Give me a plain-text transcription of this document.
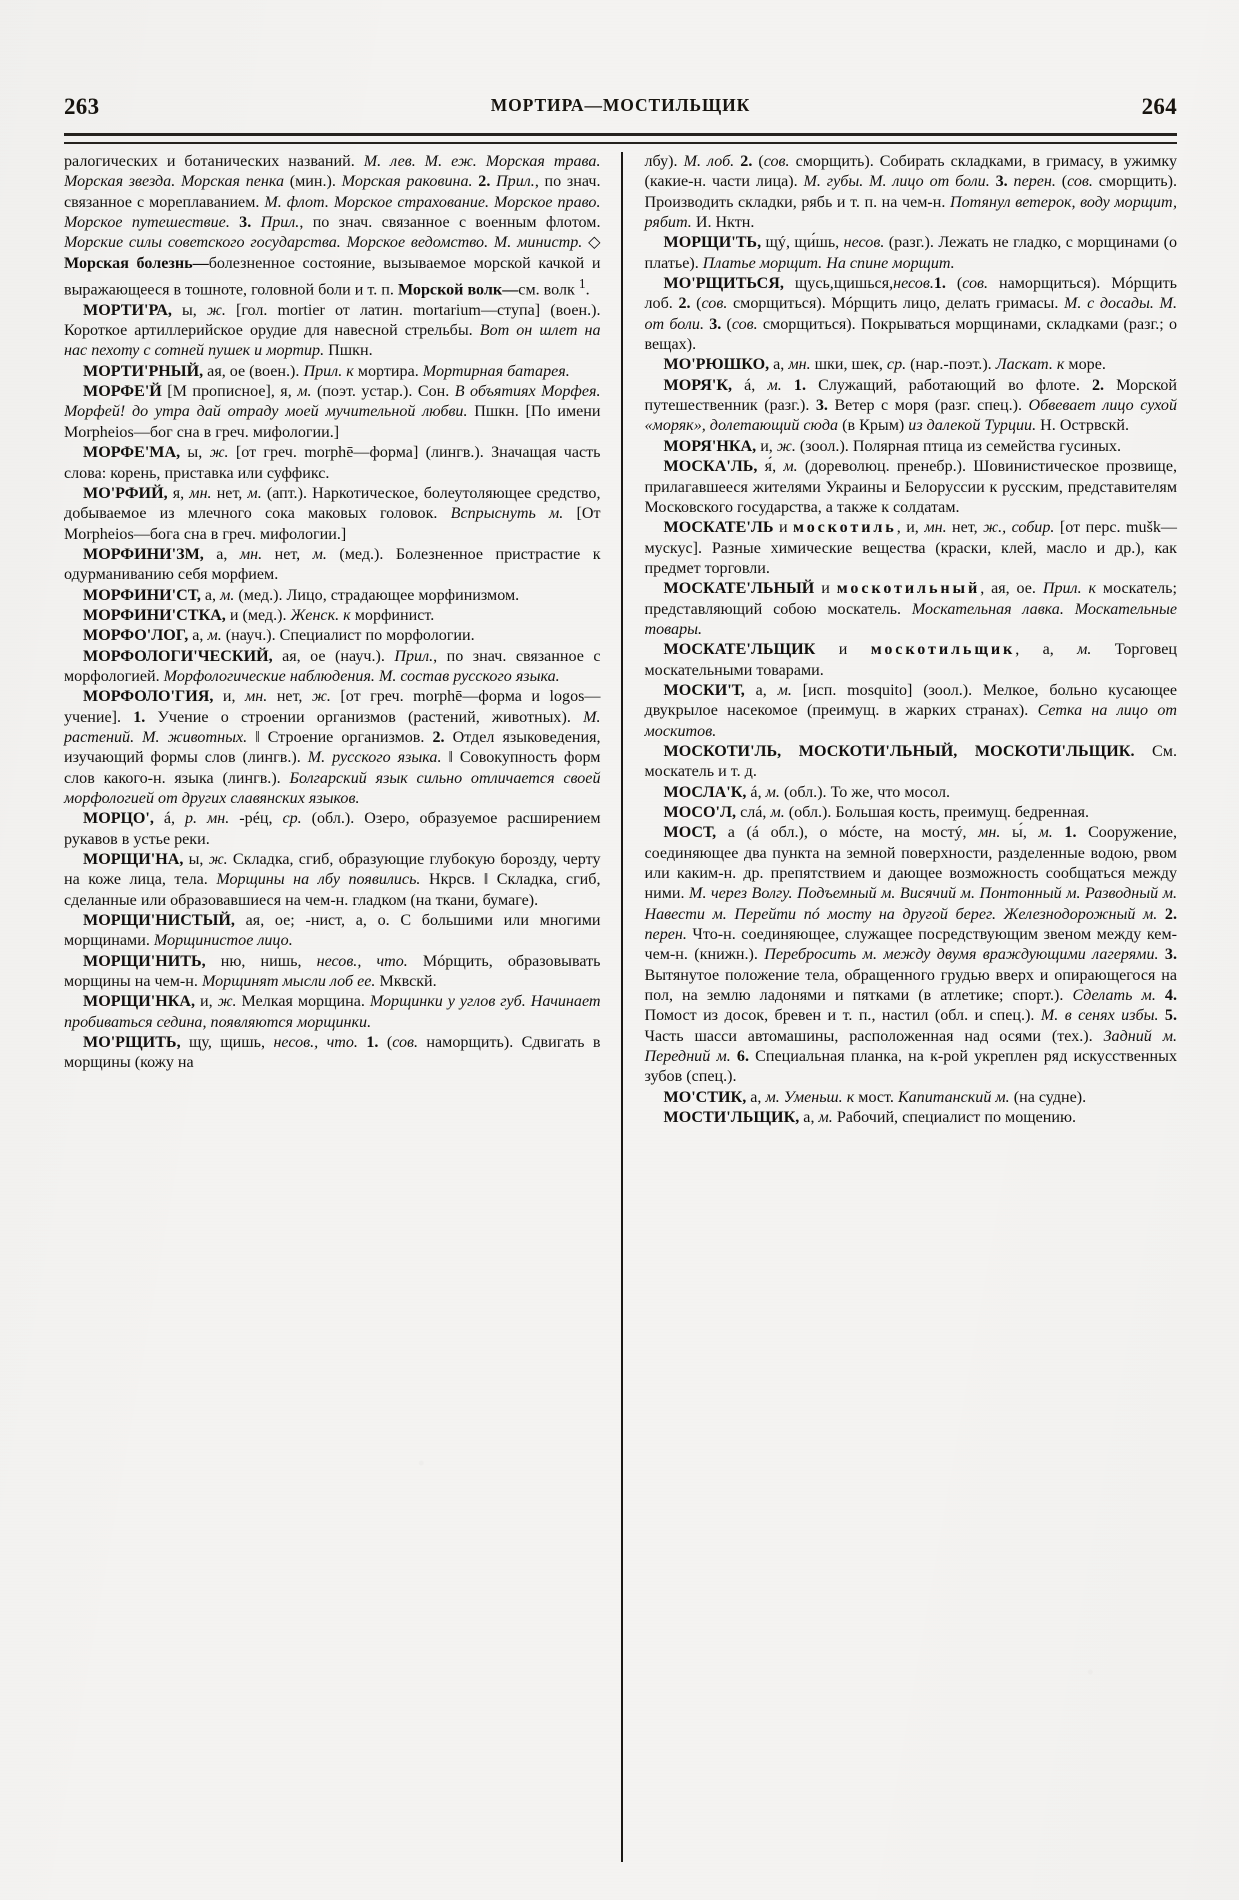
263	МОРТИРА—МОСТИЛЬЩИК	264

ралогических и ботанических названий. М. лев. М. еж. Морская трава. Морская звезда. Морская пенка (мин.). Морская раковина. 2. Прил., по знач. связанное с мореплаванием. М. флот. Морское страхование. Морское право. Морское путешествие. 3. Прил., по знач. связанное с военным флотом. Морские силы советского государства. Морское ведомство. М. министр. ◇ Морская болезнь—болезненное состояние, вызываемое морской качкой и выражающееся в тошноте, головной боли и т. п. Морской волк—см. волк $^1$.

МОРТИ'РА, ы, ж. [гол. mortier от латин. mortarium—ступа] (воен.). Короткое артиллерийское орудие для навесной стрельбы. Вот он шлет на нас пехоту с сотней пушек и мортир. Пшкн.

МОРТИ'РНЫЙ, ая, ое (воен.). Прил. к мортира. Мортирная батарея.

МОРФЕ'Й [М прописное], я, м. (поэт. устар.). Сон. В объятиях Морфея. Морфей! до утра дай отраду моей мучительной любви. Пшкн. [По имени Morpheios—бог сна в греч. мифологии.]

МОРФЕ'МА, ы, ж. [от греч. morphē—форма] (лингв.). Значащая часть слова: корень, приставка или суффикс.

МО'РФИЙ, я, мн. нет, м. (апт.). Наркотическое, болеутоляющее средство, добываемое из млечного сока маковых головок. Вспрыснуть м. [От Morpheios—бога сна в греч. мифологии.]

МОРФИНИ'ЗМ, а, мн. нет, м. (мед.). Болезненное пристрастие к одурманиванию себя морфием.

МОРФИНИ'СТ, а, м. (мед.). Лицо, страдающее морфинизмом.

МОРФИНИ'СТКА, и (мед.). Женск. к морфинист.

МОРФО'ЛОГ, а, м. (науч.). Специалист по морфологии.

МОРФОЛОГИ'ЧЕСКИЙ, ая, ое (науч.). Прил., по знач. связанное с морфологией. Морфологические наблюдения. М. состав русского языка.

МОРФОЛО'ГИЯ, и, мн. нет, ж. [от греч. morphē—форма и logos—учение]. 1. Учение о строении организмов (растений, животных). М. растений. М. животных. ‖ Строение организмов. 2. Отдел языковедения, изучающий формы слов (лингв.). М. русского языка. ‖ Совокупность форм слов какого-н. языка (лингв.). Болгарский язык сильно отличается своей морфологией от других славянских языков.

МОРЦО', á, р. мн. -рéц, ср. (обл.). Озеро, образуемое расширением рукавов в устье реки.

МОРЩИ'НА, ы, ж. Складка, сгиб, образующие глубокую борозду, черту на коже лица, тела. Морщины на лбу появились. Нкрсв. ‖ Складка, сгиб, сделанные или образовавшиеся на чем-н. гладком (на ткани, бумаге).

МОРЩИ'НИСТЫЙ, ая, ое; -нист, а, о. С большими или многими морщинами. Морщинистое лицо.

МОРЩИ'НИТЬ, ню, нишь, несов., что. Мóрщить, образовывать морщины на чем-н. Морщинят мысли лоб ее. Мквскй.

МОРЩИ'НКА, и, ж. Мелкая морщина. Морщинки у углов губ. Начинает пробиваться седина, появляются морщинки.

МО'РЩИТЬ, щу, щишь, несов., что. 1. (сов. наморщить). Сдвигать в морщины (кожу на

лбу). М. лоб. 2. (сов. сморщить). Собирать складками, в гримасу, в ужимку (какие-н. части лица). М. губы. М. лицо от боли. 3. перен. (сов. сморщить). Производить складки, рябь и т. п. на чем-н. Потянул ветерок, воду морщит, рябит. И. Нктн.

МОРЩИ'ТЬ, щý, щи́шь, несов. (разг.). Лежать не гладко, с морщинами (о платье). Платье морщит. На спине морщит.

МО'РЩИТЬСЯ, щусь,щишься,несов.1. (сов. наморщиться). Мóрщить лоб. 2. (сов. сморщиться). Мóрщить лицо, делать гримасы. М. с досады. М. от боли. 3. (сов. сморщиться). Покрываться морщинами, складками (разг.; о вещах).

МО'РЮШКО, а, мн. шки, шек, ср. (нар.-поэт.). Ласкат. к море.

МОРЯ'К, á, м. 1. Служащий, работающий во флоте. 2. Морской путешественник (разг.). 3. Ветер с моря (разг. спец.). Обвевает лицо сухой «моряк», долетающий сюда (в Крым) из далекой Турции. Н. Острвскй.

МОРЯ'НКА, и, ж. (зоол.). Полярная птица из семейства гусиных.

МОСКА'ЛЬ, я́, м. (дореволюц. пренебр.). Шовинистическое прозвище, прилагавшееся жителями Украины и Белоруссии к русским, представителям Московского государства, а также к солдатам.

МОСКАТЕ'ЛЬ и москотиль, и, мн. нет, ж., собир. [от перс. mušk—мускус]. Разные химические вещества (краски, клей, масло и др.), как предмет торговли.

МОСКАТЕ'ЛЬНЫЙ и москотильный, ая, ое. Прил. к москатель; представляющий собою москатель. Москательная лавка. Москательные товары.

МОСКАТЕ'ЛЬЩИК и москотильщик, а, м. Торговец москательными товарами.

МОСКИ'Т, а, м. [исп. mosquito] (зоол.). Мелкое, больно кусающее двукрылое насекомое (преимущ. в жарких странах). Сетка на лицо от москитов.

МОСКОТИ'ЛЬ, МОСКОТИ'ЛЬНЫЙ, МОСКОТИ'ЛЬЩИК. См. москатель и т. д.

МОСЛА'К, á, м. (обл.). То же, что мосол.

МОСО'Л, слá, м. (обл.). Большая кость, преимущ. бедренная.

МОСТ, а (á обл.), о мóсте, на мостý, мн. ы́, м. 1. Сооружение, соединяющее два пункта на земной поверхности, разделенные водою, рвом или каким-н. др. препятствием и дающее возможность сообщаться между ними. М. через Волгу. Подъемный м. Висячий м. Понтонный м. Разводный м. Навести м. Перейти пó мосту на другой берег. Железнодорожный м. 2. перен. Что-н. соединяющее, служащее посредствующим звеном между кем-чем-н. (книжн.). Перебросить м. между двумя враждующими лагерями. 3. Вытянутое положение тела, обращенного грудью вверх и опирающегося на пол, на землю ладонями и пятками (в атлетике; спорт.). Сделать м. 4. Помост из досок, бревен и т. п., настил (обл. и спец.). М. в сенях избы. 5. Часть шасси автомашины, расположенная над осями (тех.). Задний м. Передний м. 6. Специальная планка, на к-рой укреплен ряд искусственных зубов (спец.).

МО'СТИК, а, м. Уменьш. к мост. Капитанский м. (на судне).

МОСТИ'ЛЬЩИК, а, м. Рабочий, специалист по мощению.
